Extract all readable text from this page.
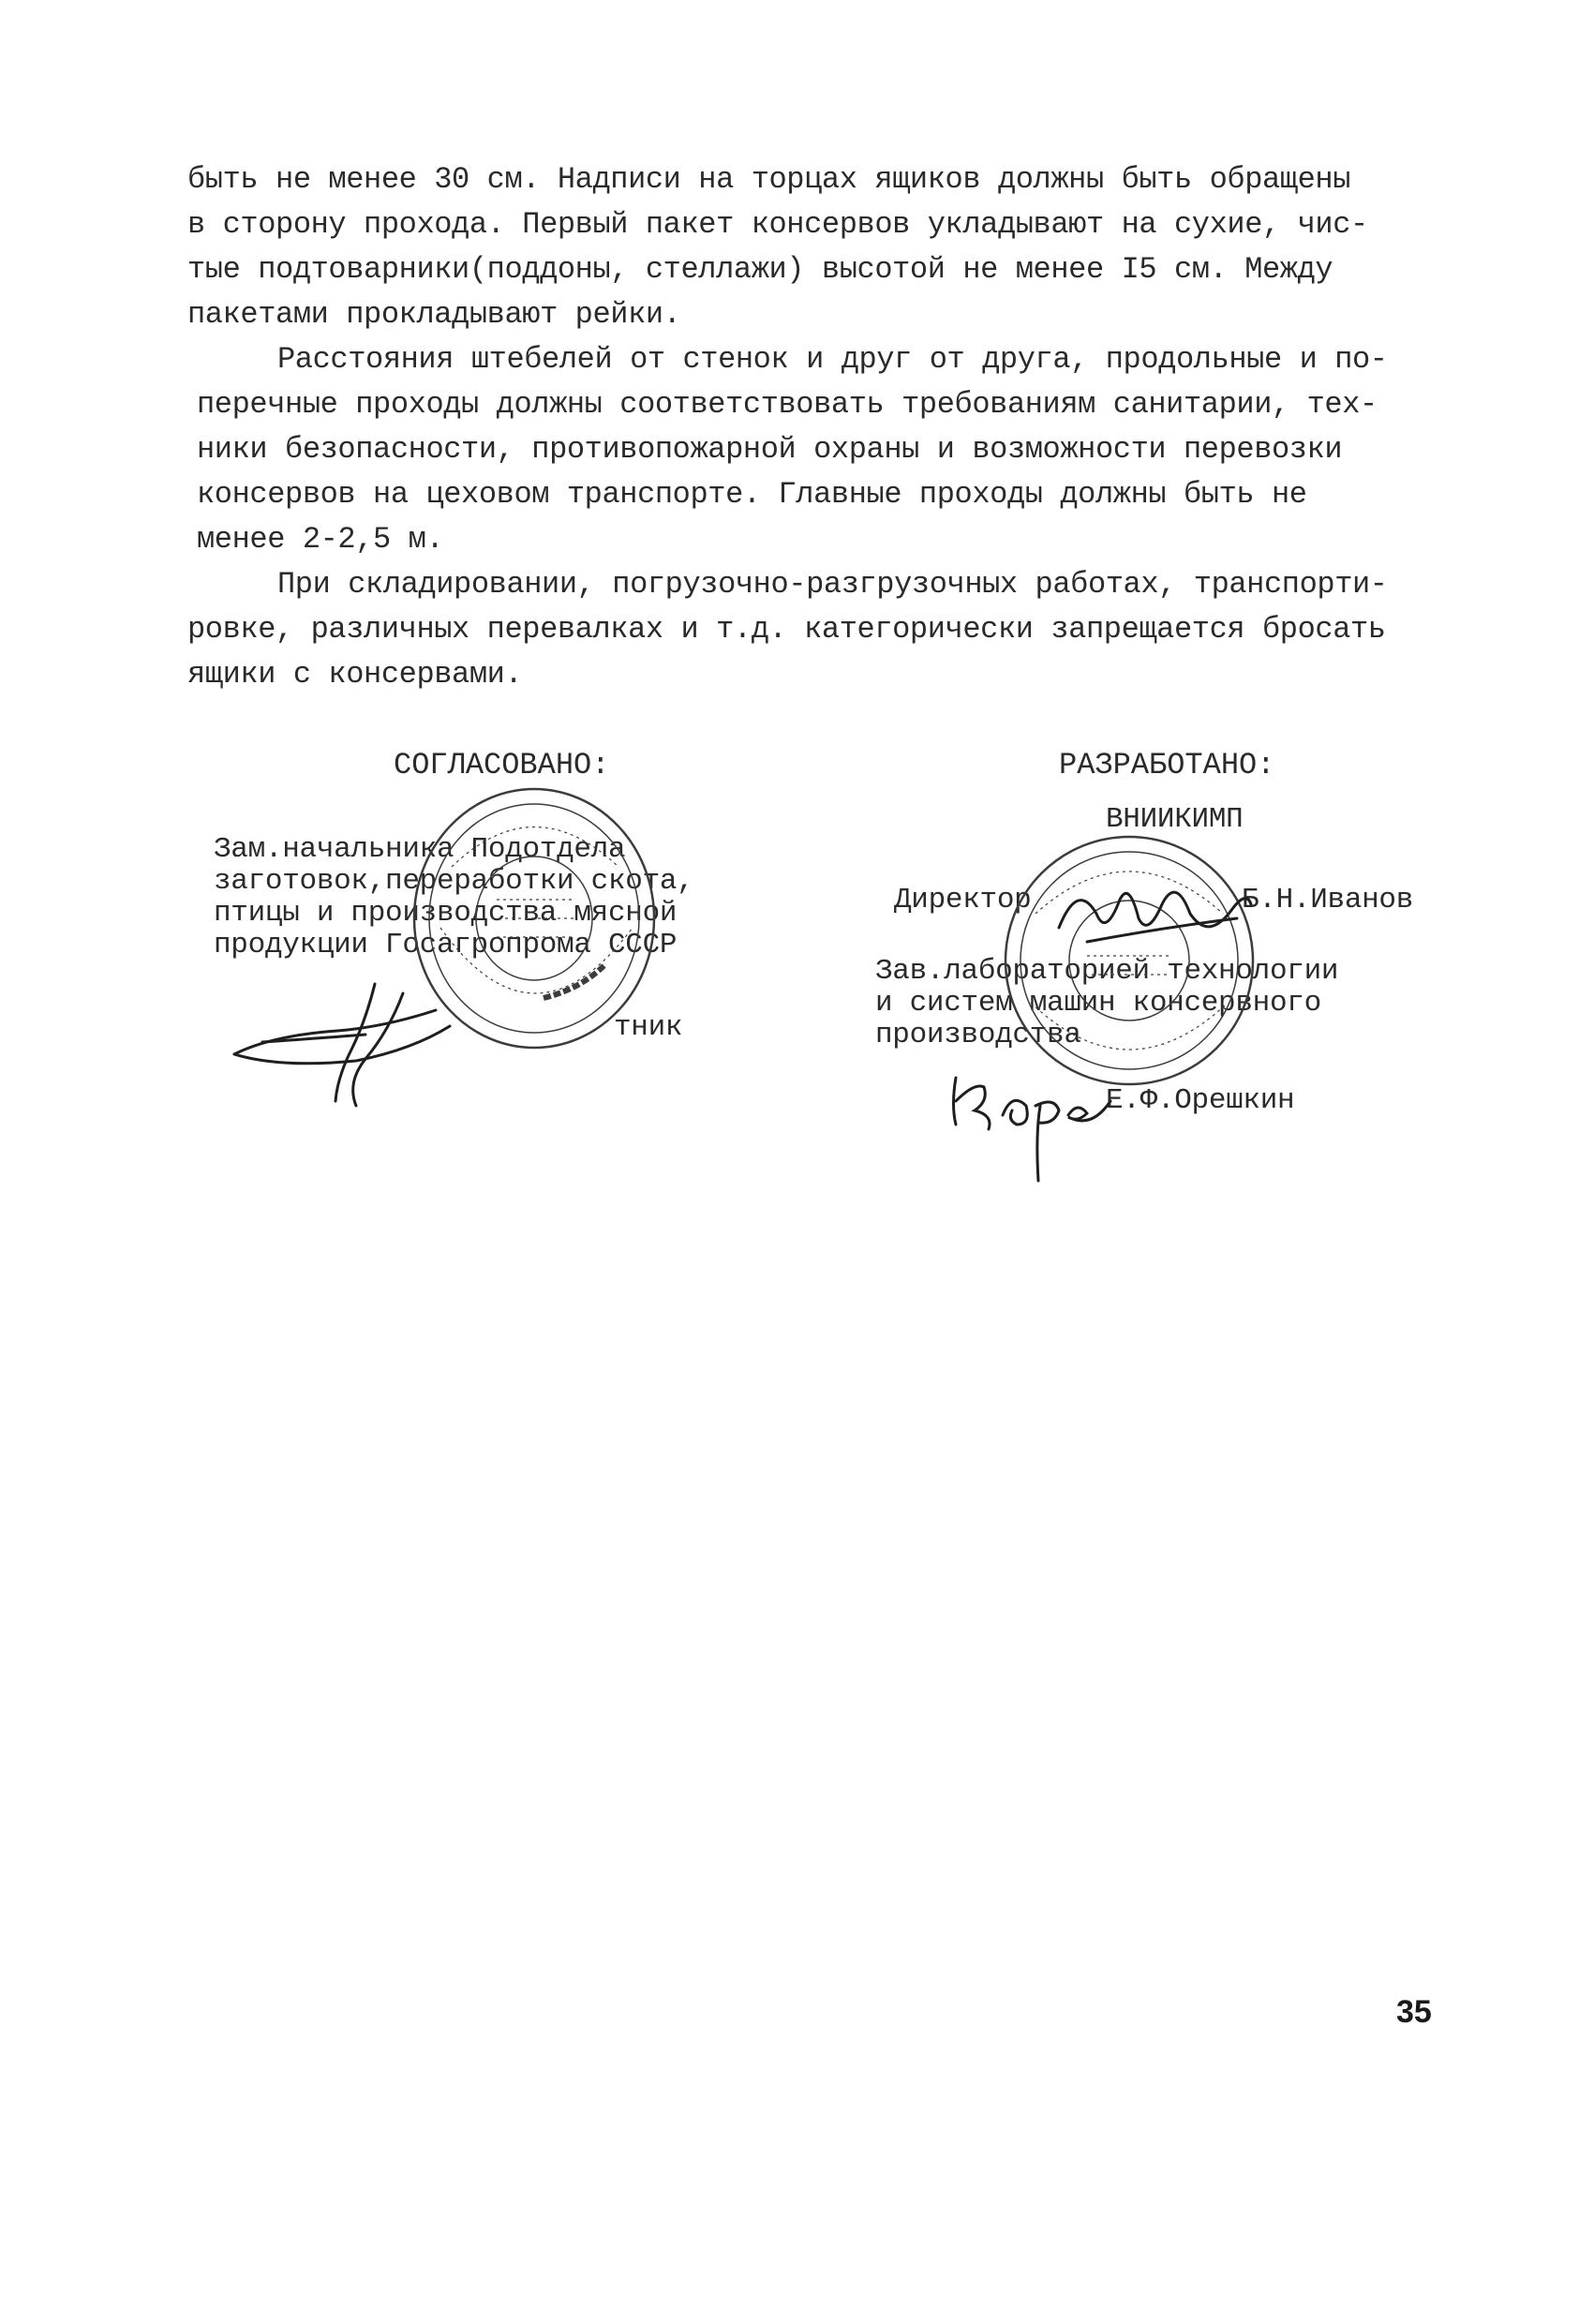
быть не менее 30 см. Надписи на торцах ящиков должны быть обращены
в сторону прохода. Первый пакет консервов укладывают на сухие, чис-
тые подтоварники(поддоны, стеллажи) высотой не менее I5 см. Между
пакетами прокладывают рейки.

Расстояния штебелей от стенок и друг от друга, продольные и по-
перечные проходы должны соответствовать требованиям санитарии, тех-
ники безопасности, противопожарной охраны и возможности перевозки
консервов на цеховом транспорте. Главные проходы должны быть не
менее 2-2,5 м.

При складировании, погрузочно-разгрузочных работах, транспорти-
ровке, различных перевалках и т.д. категорически запрещается бросать
ящики с консервами.

СОГЛАСОВАНО:
Зам.начальника Подотдела
заготовок,переработки скота,
птицы и производства мясной
продукции Госагропрома СССР
тник
РАЗРАБОТАНО:
ВНИИКИМП
Директор	Б.Н.Иванов
Зав.лабораторией технологии
и систем машин консервного
производства
Е.Ф.Орешкин
35
